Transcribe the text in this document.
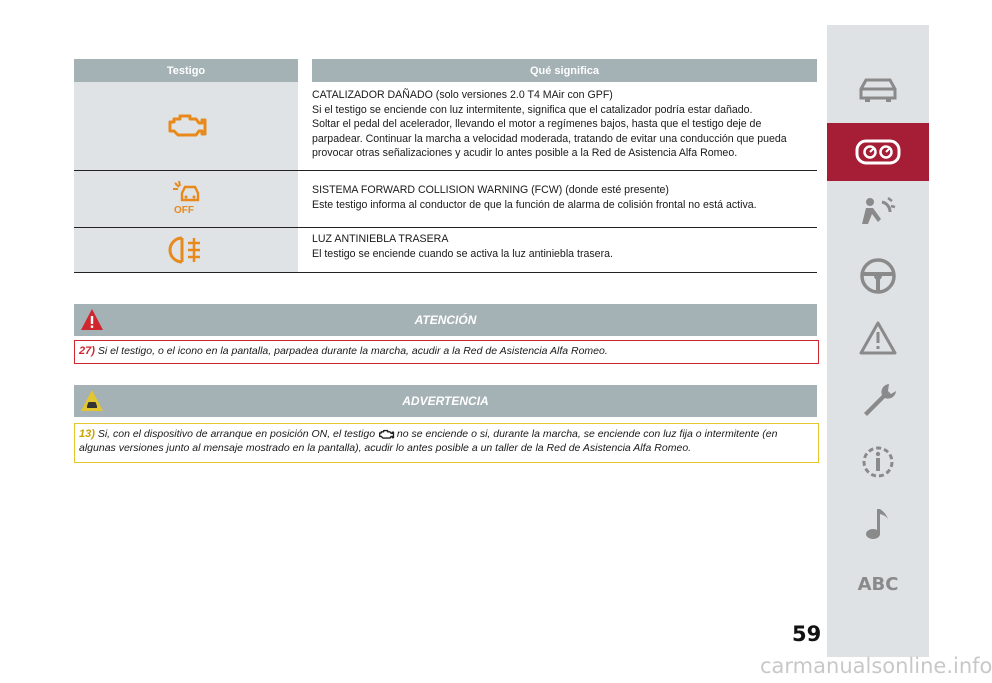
Testigo	Qué significa

CATALIZADOR DAÑADO (solo versiones 2.0 T4 MAir con GPF)

Si el testigo se enciende con luz intermitente, significa que el catalizador podría estar dañado.

Soltar el pedal del acelerador, llevando el motor a regímenes bajos, hasta que el testigo deje de parpadear. Continuar la marcha a velocidad moderada, tratando de evitar una conducción que pueda provocar otras señalizaciones y acudir lo antes posible a la Red de Asistencia Alfa Romeo.

OFF

SISTEMA FORWARD COLLISION WARNING (FCW) (donde esté presente)

Este testigo informa al conductor de que la función de alarma de colisión frontal no está activa.

LUZ ANTINIEBLA TRASERA

El testigo se enciende cuando se activa la luz antiniebla trasera.

ATENCIÓN
27) Si el testigo, o el icono en la pantalla, parpadea durante la marcha, acudir a la Red de Asistencia Alfa Romeo.
ADVERTENCIA
13) Si, con el dispositivo de arranque en posición ON, el testigo no se enciende o si, durante la marcha, se enciende con luz fija o intermitente (en algunas versiones junto al mensaje mostrado en la pantalla), acudir lo antes posible a un taller de la Red de Asistencia Alfa Romeo.
ABC
59
carmanualsonline.info
